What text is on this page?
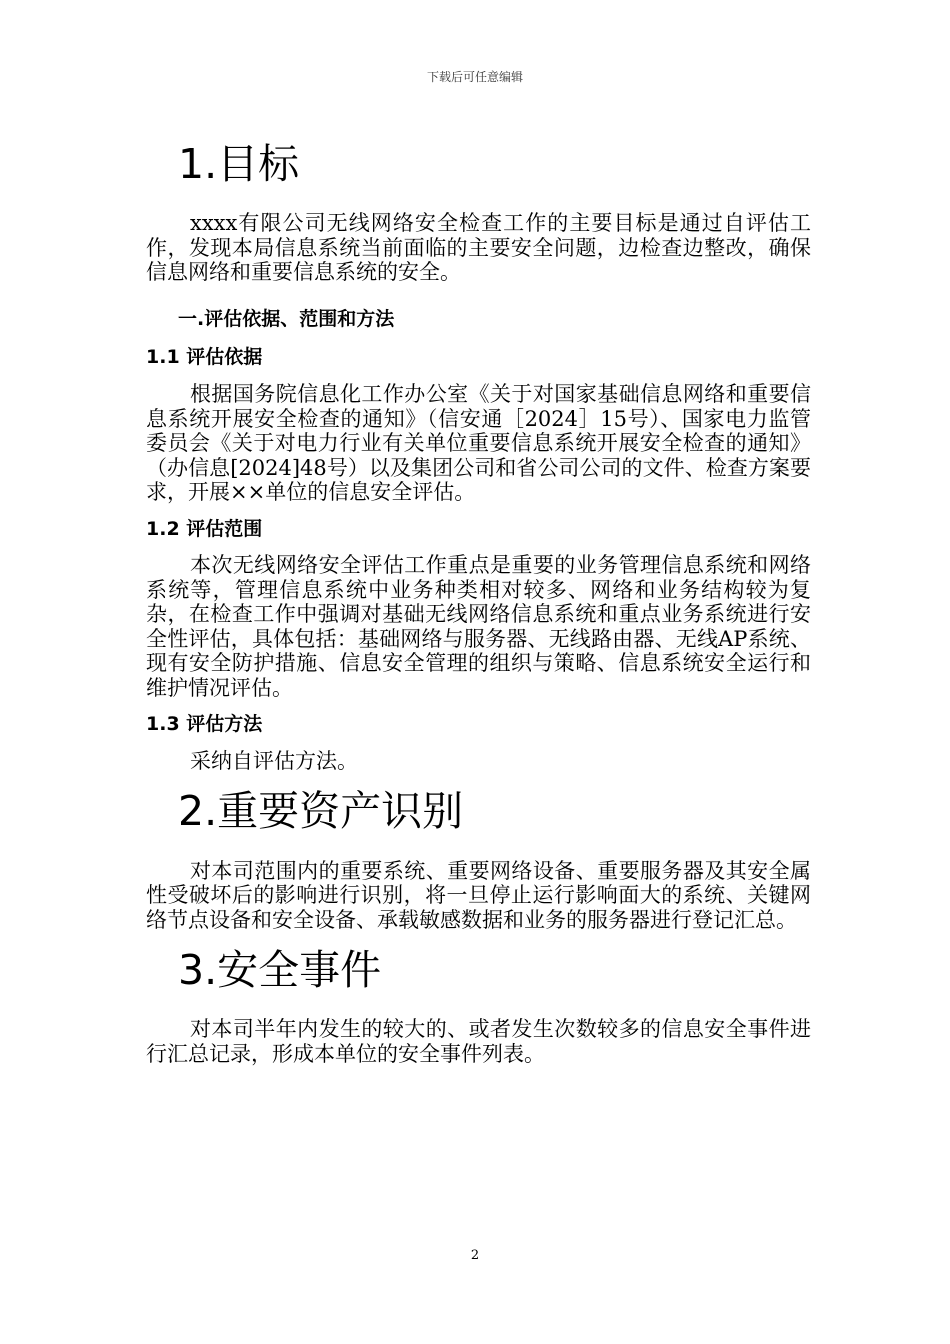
下载后可任意编辑
1.目标

xxxx有限公司无线网络安全检查工作的主要目标是通过自评估工作，发现本局信息系统当前面临的主要安全问题，边检查边整改，确保信息网络和重要信息系统的安全。

一.评估依据、范围和方法
1.1 评估依据

根据国务院信息化工作办公室《关于对国家基础信息网络和重要信息系统开展安全检查的通知》（信安通［2024］15号）、国家电力监管委员会《关于对电力行业有关单位重要信息系统开展安全检查的通知》（办信息[2024]48号）以及集团公司和省公司公司的文件、检查方案要求，开展××单位的信息安全评估。

1.2 评估范围

本次无线网络安全评估工作重点是重要的业务管理信息系统和网络系统等，管理信息系统中业务种类相对较多、网络和业务结构较为复杂，在检查工作中强调对基础无线网络信息系统和重点业务系统进行安全性评估，具体包括：基础网络与服务器、无线路由器、无线AP系统、现有安全防护措施、信息安全管理的组织与策略、信息系统安全运行和维护情况评估。

1.3 评估方法

采纳自评估方法。

2.重要资产识别

对本司范围内的重要系统、重要网络设备、重要服务器及其安全属性受破坏后的影响进行识别，将一旦停止运行影响面大的系统、关键网络节点设备和安全设备、承载敏感数据和业务的服务器进行登记汇总。

3.安全事件

对本司半年内发生的较大的、或者发生次数较多的信息安全事件进行汇总记录，形成本单位的安全事件列表。

2
